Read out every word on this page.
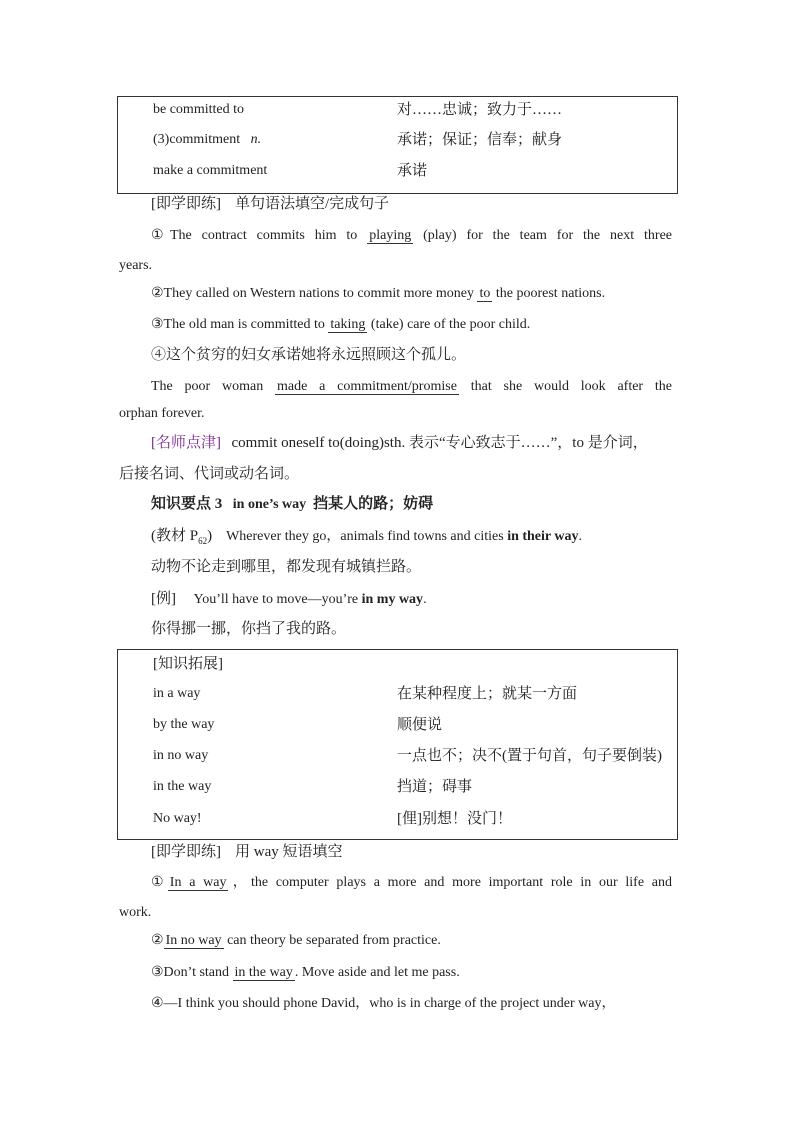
be committed to	对……忠诚；致力于……
(3)commitment n.	承诺；保证；信奉；献身
make a commitment	承诺
[即学即练] 单句语法填空/完成句子
①The contract commits him to playing (play) for the team for the next three
years.
②They called on Western nations to commit more money to the poorest nations.
③The old man is committed to taking (take) care of the poor child.
④这个贫穷的妇女承诺她将永远照顾这个孤儿。
The poor woman made a commitment/promise that she would look after the
orphan forever.
[名师点津] commit oneself to(doing)sth. 表示“专心致志于……”，to 是介词，
后接名词、代词或动名词。
知识要点 3 in one’s way 挡某人的路；妨碍
(教材 $P_{62}$) Wherever they go，animals find towns and cities in their way.
动物不论走到哪里，都发现有城镇拦路。
[例] You’ll have to move—you’re in my way.
你得挪一挪，你挡了我的路。
[知识拓展]
in a way	在某种程度上；就某一方面
by the way	顺便说
in no way	一点也不；决不(置于句首，句子要倒装)
in the way	挡道；碍事
No way!	[俚]别想！没门！
[即学即练] 用 way 短语填空
① In a way ，the computer plays a more and more important role in our life and
work.
② In no way can theory be separated from practice.
③Don’t stand in the way . Move aside and let me pass.
④—I think you should phone David，who is in charge of the project under way，
